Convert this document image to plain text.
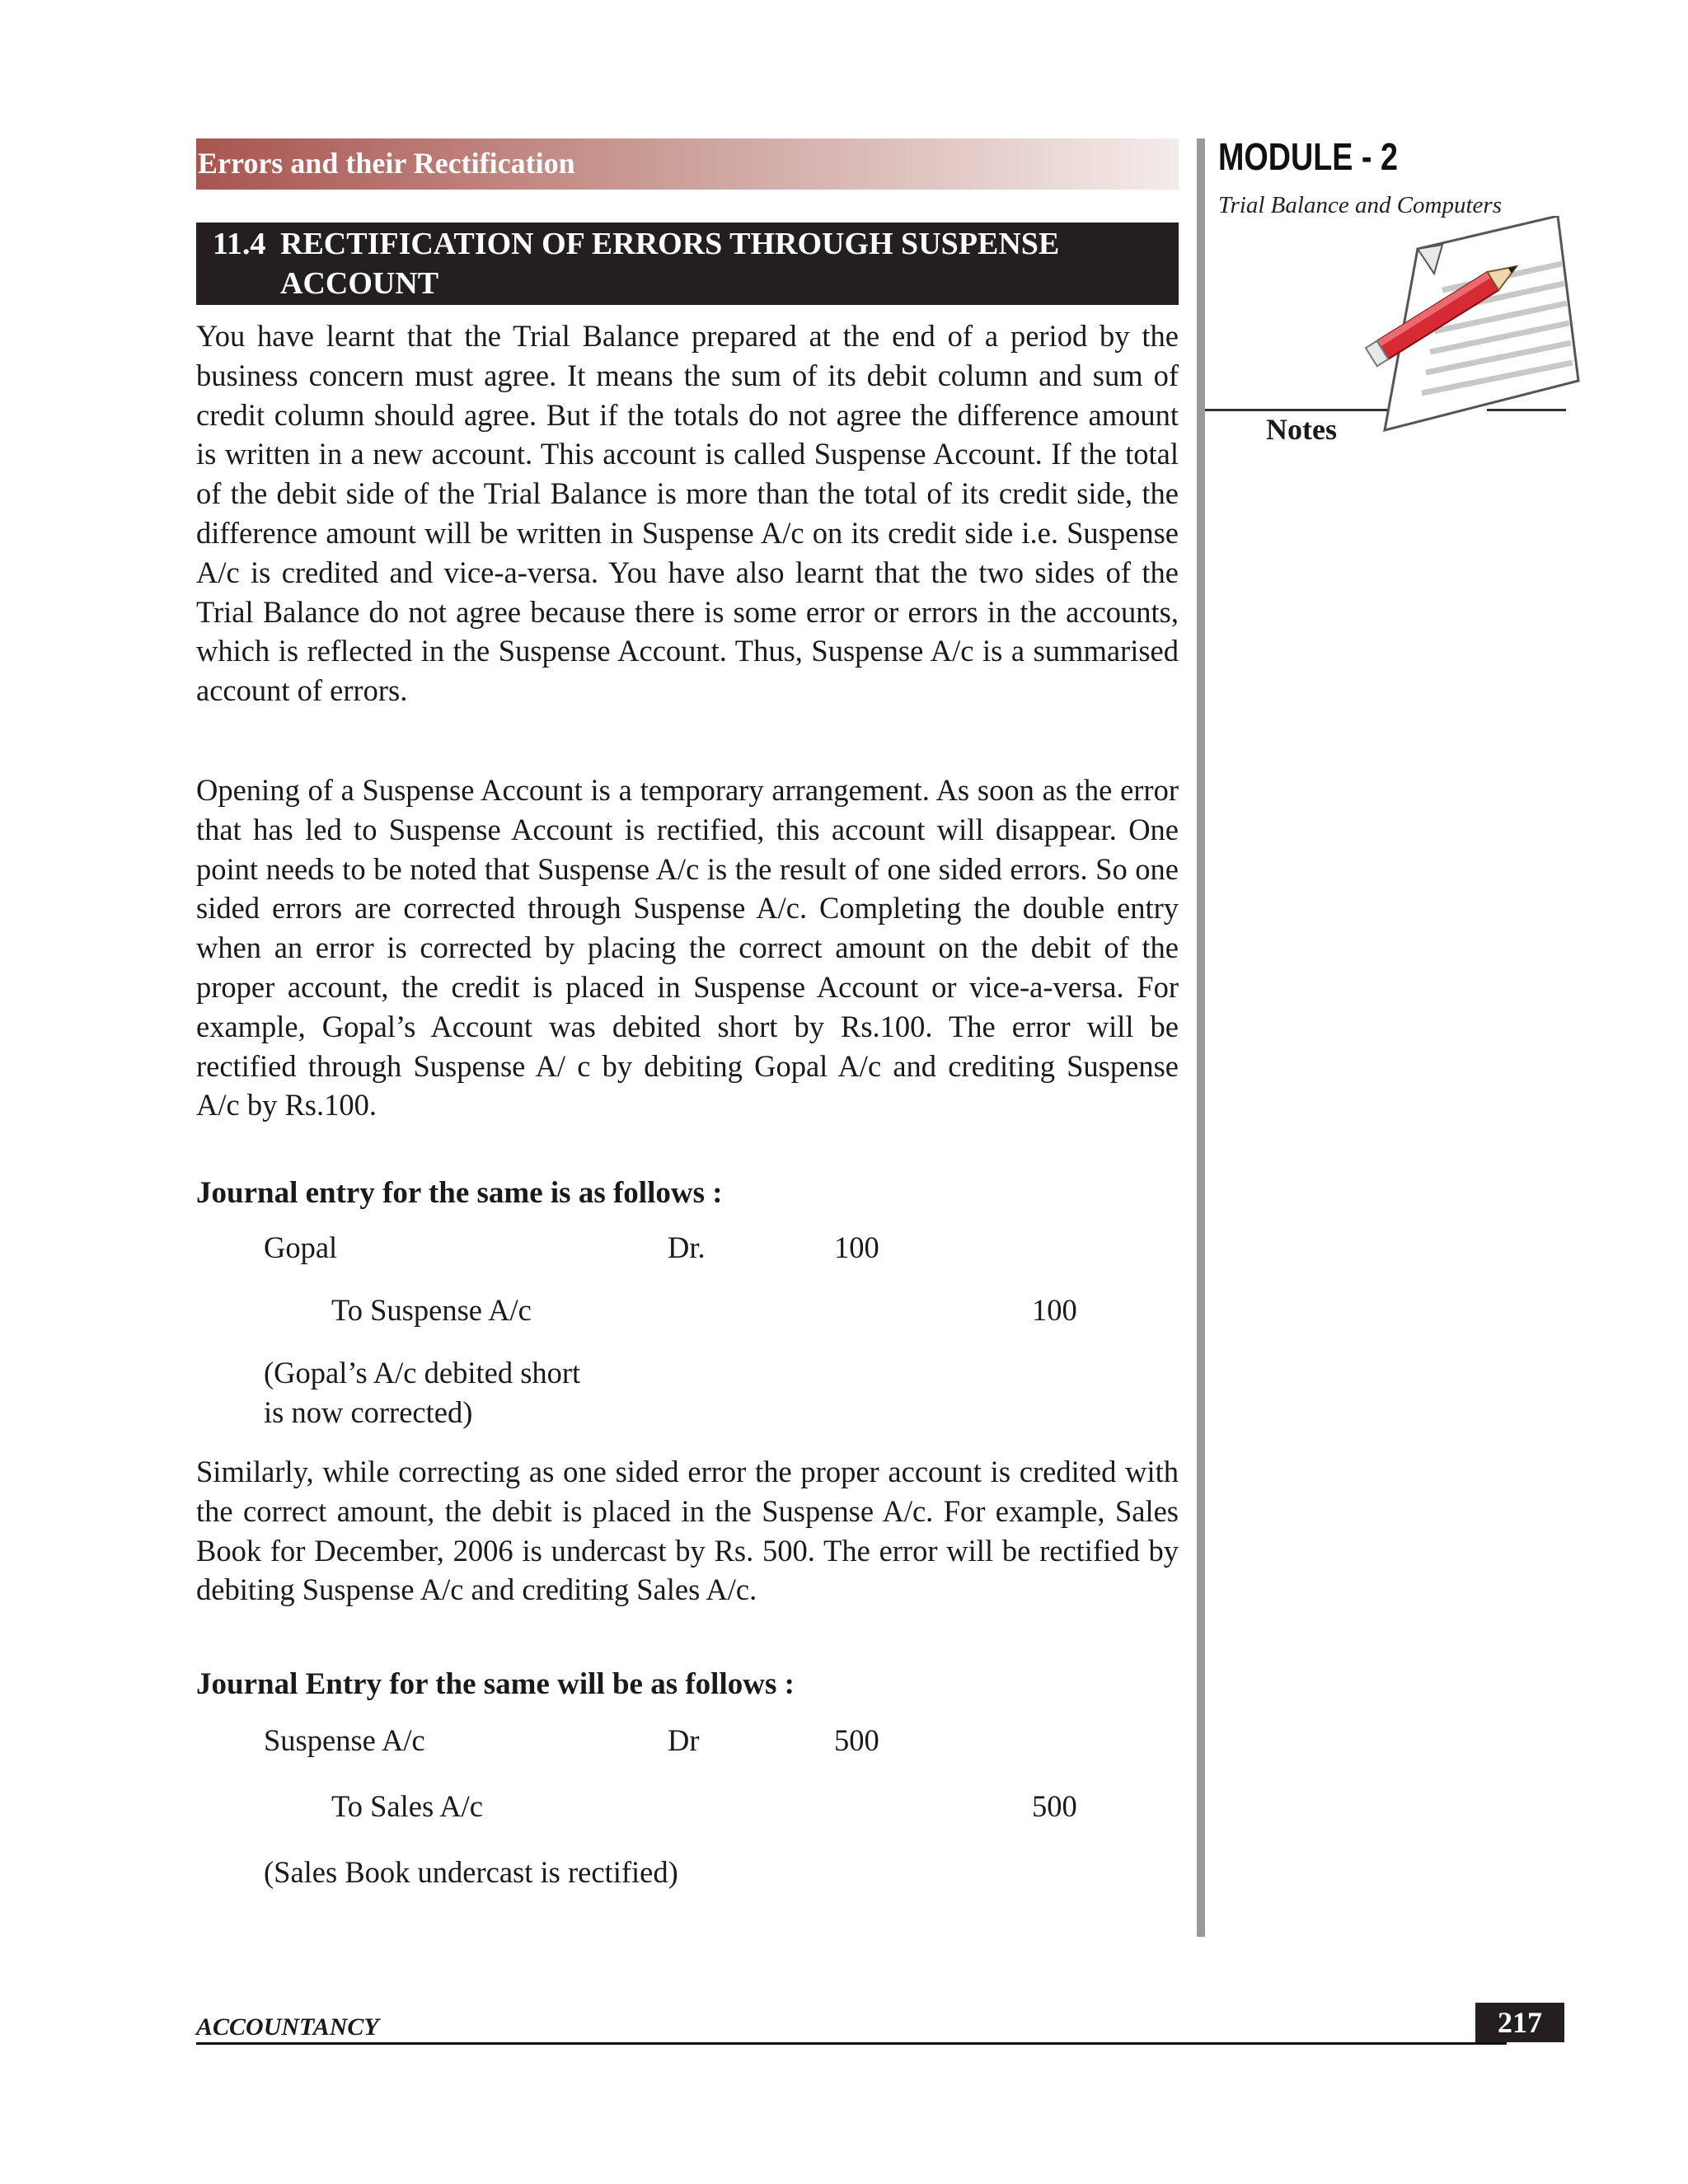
Errors and their Rectification
11.4 RECTIFICATION OF ERRORS THROUGH SUSPENSE
ACCOUNT

You have learnt that the Trial Balance prepared at the end of a period by the business concern must agree. It means the sum of its debit column and sum of credit column should agree. But if the totals do not agree the difference amount is written in a new account. This account is called Suspense Account. If the total of the debit side of the Trial Balance is more than the total of its credit side, the difference amount will be written in Suspense A/c on its credit side i.e. Suspense A/c is credited and vice-a-versa. You have also learnt that the two sides of the Trial Balance do not agree because there is some error or errors in the accounts, which is reflected in the Suspense Account. Thus, Suspense A/c is a summarised account of errors.

Opening of a Suspense Account is a temporary arrangement. As soon as the error that has led to Suspense Account is rectified, this account will disappear. One point needs to be noted that Suspense A/c is the result of one sided errors. So one sided errors are corrected through Suspense A/c. Completing the double entry when an error is corrected by placing the correct amount on the debit of the proper account, the credit is placed in Suspense Account or vice-a-versa. For example, Gopal’s Account was debited short by Rs.100. The error will be rectified through Suspense A/ c by debiting Gopal A/c and crediting Suspense A/c by Rs.100.

Journal entry for the same is as follows :
Gopal	Dr.	100
To Suspense A/c	100
(Gopal’s A/c debited short
is now corrected)

Similarly, while correcting as one sided error the proper account is credited with the correct amount, the debit is placed in the Suspense A/c. For example, Sales Book for December, 2006 is undercast by Rs. 500. The error will be rectified by debiting Suspense A/c and crediting Sales A/c.

Journal Entry for the same will be as follows :
Suspense A/c	Dr	500
To Sales A/c	500
(Sales Book undercast is rectified)
MODULE - 2
Trial Balance and Computers
Notes
ACCOUNTANCY	217
